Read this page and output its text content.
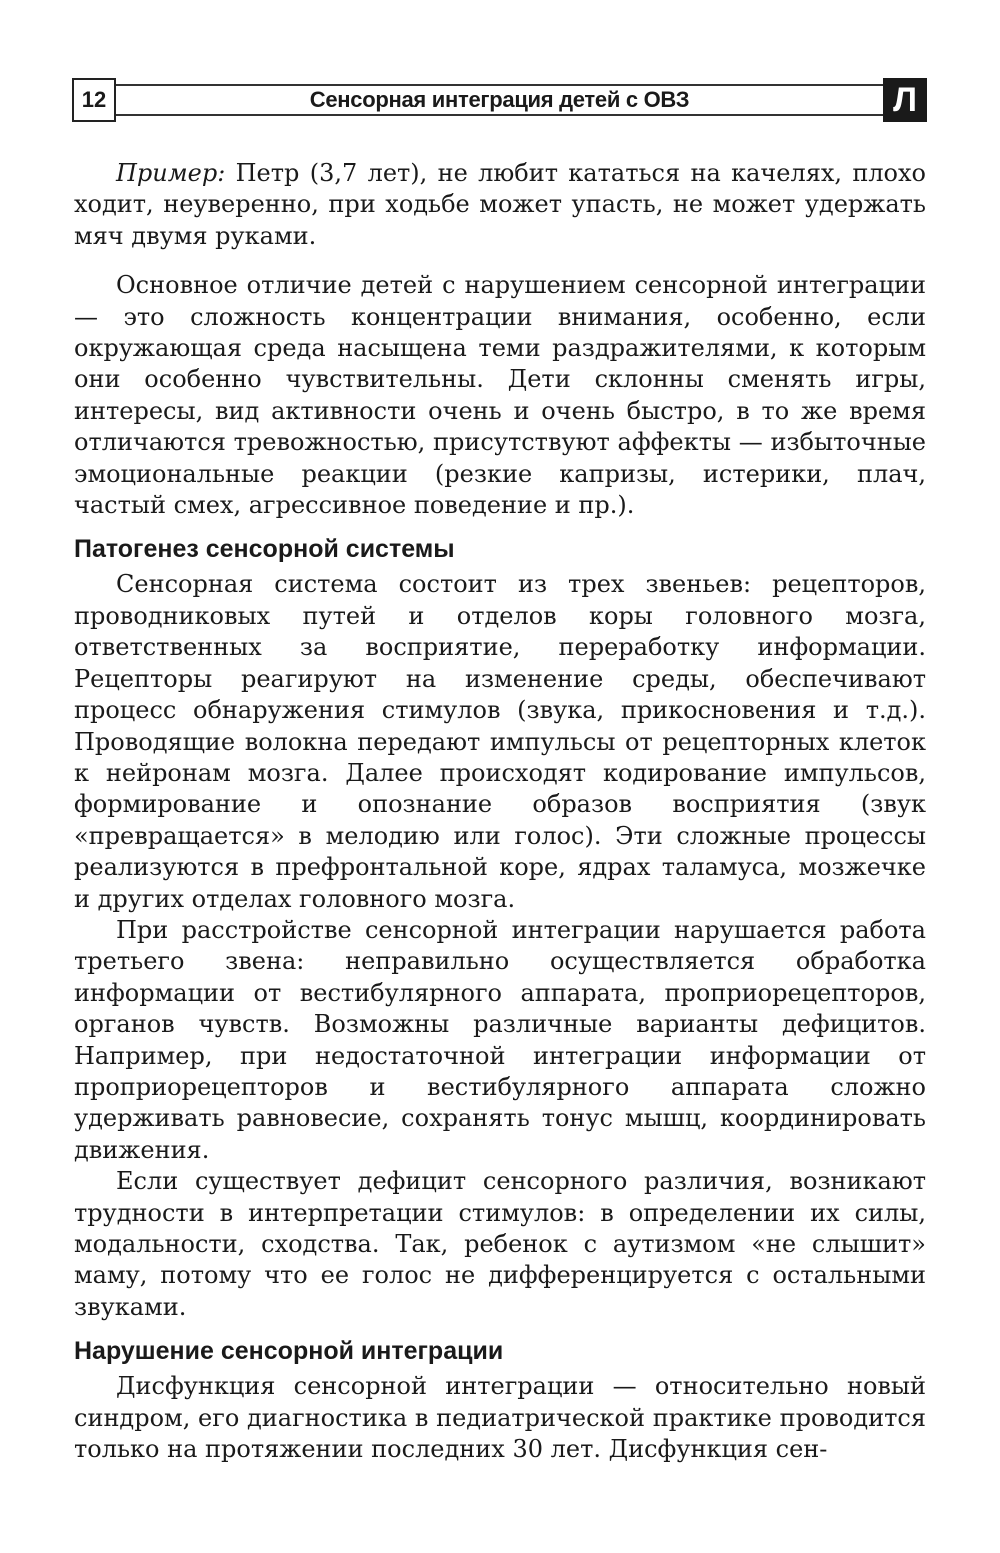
12	Сенсорная интеграция детей с ОВЗ	Л

Пример: Петр (3,7 лет), не любит кататься на качелях, плохо ходит, неуверенно, при ходьбе может упасть, не может удержать мяч двумя руками.

Основное отличие детей с нарушением сенсорной интеграции — это сложность концентрации внимания, особенно, если окружающая среда насыщена теми раздражителями, к которым они особенно чувствительны. Дети склонны сменять игры, интересы, вид активности очень и очень быстро, в то же время отличаются тревожностью, присутствуют аффекты — избыточные эмоциональные реакции (резкие капризы, истерики, плач, частый смех, агрессивное поведение и пр.).

Патогенез сенсорной системы

Сенсорная система состоит из трех звеньев: рецепторов, проводниковых путей и отделов коры головного мозга, ответственных за восприятие, переработку информации. Рецепторы реагируют на изменение среды, обеспечивают процесс обнаружения стимулов (звука, прикосновения и т.д.). Проводящие волокна передают импульсы от рецепторных клеток к нейронам мозга. Далее происходят кодирование импульсов, формирование и опознание образов восприятия (звук «превращается» в мелодию или голос). Эти сложные процессы реализуются в префронтальной коре, ядрах таламуса, мозжечке и других отделах головного мозга.

При расстройстве сенсорной интеграции нарушается работа третьего звена: неправильно осуществляется обработка информации от вестибулярного аппарата, проприорецепторов, органов чувств. Возможны различные варианты дефицитов. Например, при недостаточной интеграции информации от проприорецепторов и вестибулярного аппарата сложно удерживать равновесие, сохранять тонус мышц, координировать движения.

Если существует дефицит сенсорного различия, возникают трудности в интерпретации стимулов: в определении их силы, модальности, сходства. Так, ребенок с аутизмом «не слышит» маму, потому что ее голос не дифференцируется с остальными звуками.

Нарушение сенсорной интеграции

Дисфункция сенсорной интеграции — относительно новый синдром, его диагностика в педиатрической практике проводится только на протяжении последних 30 лет. Дисфункция сен-
